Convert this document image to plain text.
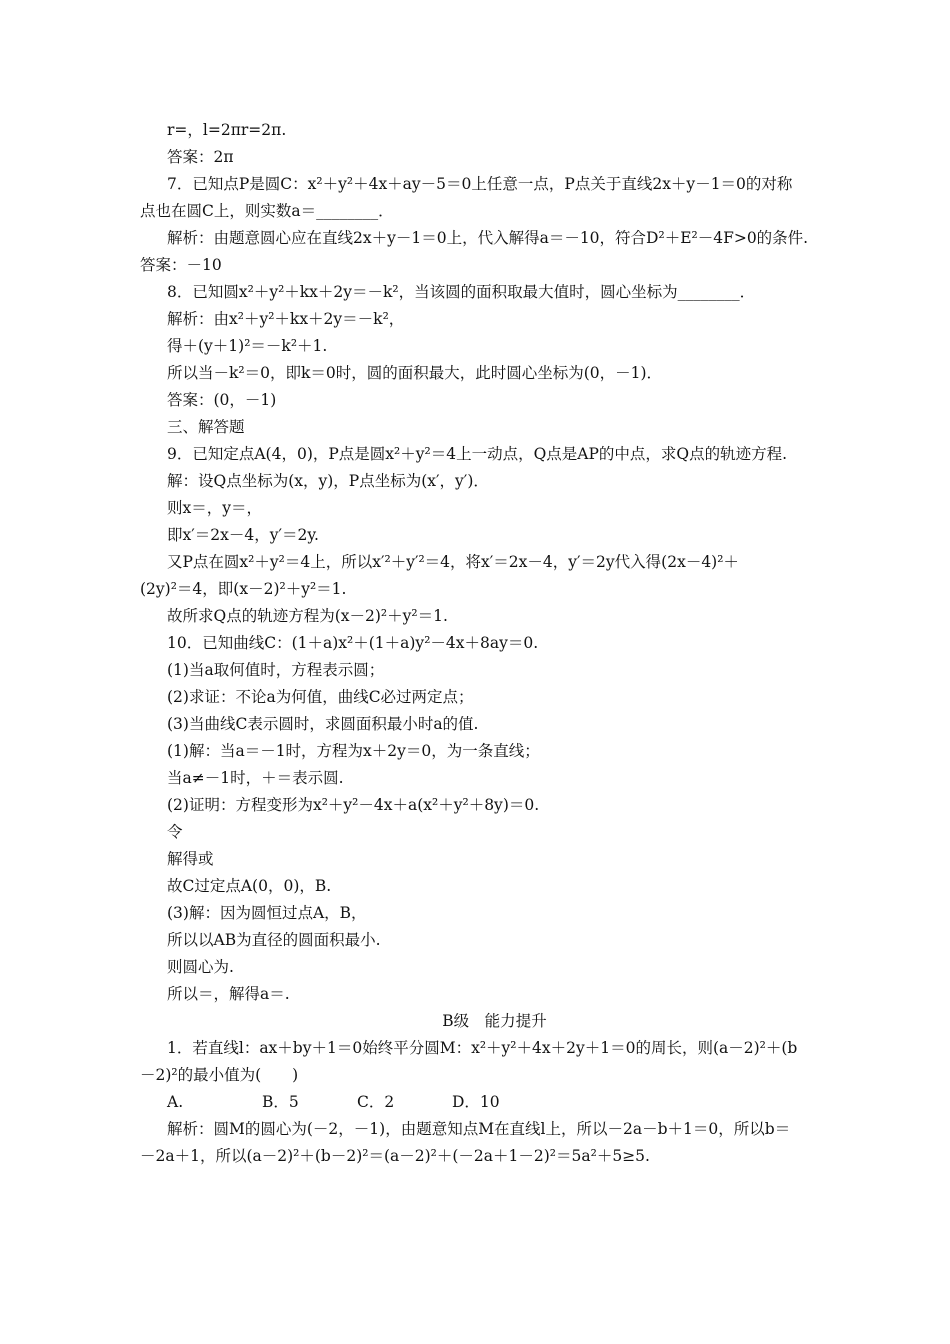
r=，l=2πr=2π.
答案：2π
7．已知点P是圆C：x²＋y²＋4x＋ay－5＝0上任意一点，P点关于直线2x＋y－1＝0的对称
点也在圆C上，则实数a＝________．
解析：由题意圆心应在直线2x＋y－1＝0上，代入解得a＝－10，符合D²＋E²－4F>0的条件.
答案：－10
8．已知圆x²＋y²＋kx＋2y＝－k²，当该圆的面积取最大值时，圆心坐标为________．
解析：由x²＋y²＋kx＋2y＝－k²，
得＋(y＋1)²＝－k²＋1.
所以当－k²＝0，即k＝0时，圆的面积最大，此时圆心坐标为(0，－1)．
答案：(0，－1)
三、解答题
9．已知定点A(4，0)，P点是圆x²＋y²＝4上一动点，Q点是AP的中点，求Q点的轨迹方程.
解：设Q点坐标为(x，y)，P点坐标为(x′，y′)．
则x＝，y＝，
即x′＝2x－4，y′＝2y.
又P点在圆x²＋y²＝4上，所以x′²＋y′²＝4，将x′＝2x－4，y′＝2y代入得(2x－4)²＋
(2y)²＝4，即(x－2)²＋y²＝1.
故所求Q点的轨迹方程为(x－2)²＋y²＝1.
10．已知曲线C：(1＋a)x²＋(1＋a)y²－4x＋8ay＝0.
(1)当a取何值时，方程表示圆；
(2)求证：不论a为何值，曲线C必过两定点；
(3)当曲线C表示圆时，求圆面积最小时a的值.
(1)解：当a＝－1时，方程为x＋2y＝0，为一条直线；
当a≠－1时，＋＝表示圆.
(2)证明：方程变形为x²＋y²－4x＋a(x²＋y²＋8y)＝0.
令
解得或
故C过定点A(0，0)，B.
(3)解：因为圆恒过点A，B，
所以以AB为直径的圆面积最小.
则圆心为.
所以＝，解得a＝.
B级　能力提升
1．若直线l：ax＋by＋1＝0始终平分圆M：x²＋y²＋4x＋2y＋1＝0的周长，则(a－2)²＋(b
－2)²的最小值为(　　)
A.	B．5	C．2	D．10
解析：圆M的圆心为(－2，－1)，由题意知点M在直线l上，所以－2a－b＋1＝0，所以b＝
－2a＋1，所以(a－2)²＋(b－2)²＝(a－2)²＋(－2a＋1－2)²＝5a²＋5≥5.
